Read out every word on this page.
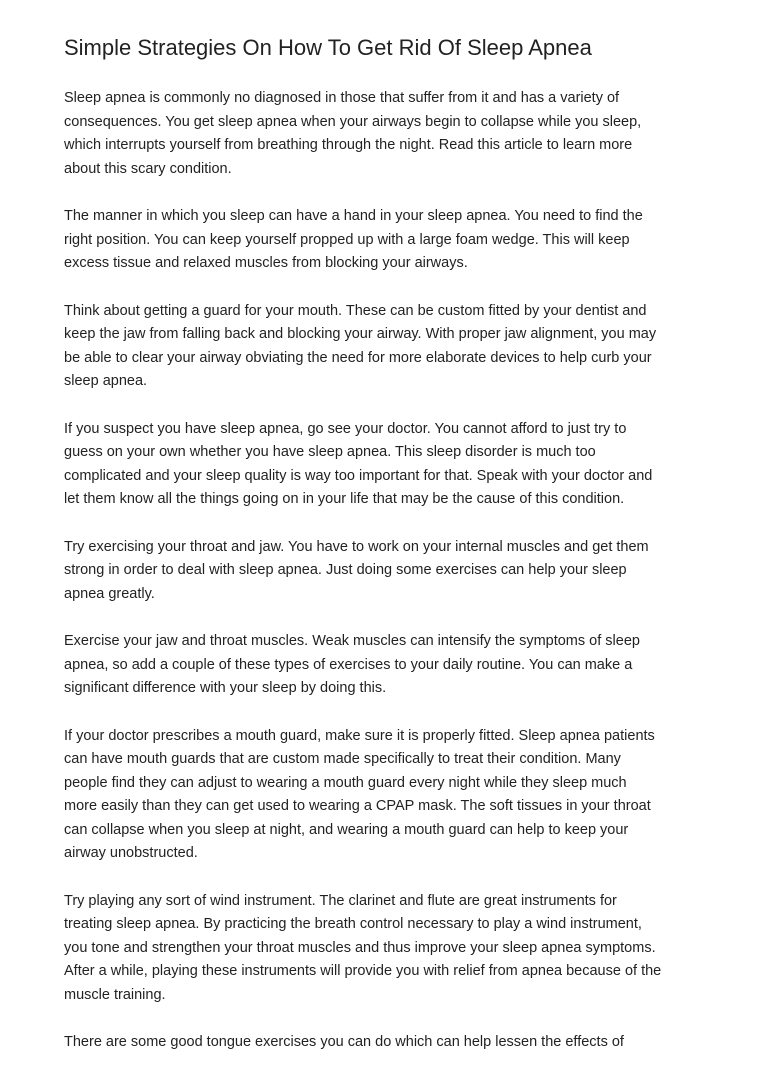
Simple Strategies On How To Get Rid Of Sleep Apnea

Sleep apnea is commonly no diagnosed in those that suffer from it and has a variety of
consequences. You get sleep apnea when your airways begin to collapse while you sleep,
which interrupts yourself from breathing through the night. Read this article to learn more
about this scary condition.

The manner in which you sleep can have a hand in your sleep apnea. You need to find the
right position. You can keep yourself propped up with a large foam wedge. This will keep
excess tissue and relaxed muscles from blocking your airways.

Think about getting a guard for your mouth. These can be custom fitted by your dentist and
keep the jaw from falling back and blocking your airway. With proper jaw alignment, you may
be able to clear your airway obviating the need for more elaborate devices to help curb your
sleep apnea.

If you suspect you have sleep apnea, go see your doctor. You cannot afford to just try to
guess on your own whether you have sleep apnea. This sleep disorder is much too
complicated and your sleep quality is way too important for that. Speak with your doctor and
let them know all the things going on in your life that may be the cause of this condition.

Try exercising your throat and jaw. You have to work on your internal muscles and get them
strong in order to deal with sleep apnea. Just doing some exercises can help your sleep
apnea greatly.

Exercise your jaw and throat muscles. Weak muscles can intensify the symptoms of sleep
apnea, so add a couple of these types of exercises to your daily routine. You can make a
significant difference with your sleep by doing this.

If your doctor prescribes a mouth guard, make sure it is properly fitted. Sleep apnea patients
can have mouth guards that are custom made specifically to treat their condition. Many
people find they can adjust to wearing a mouth guard every night while they sleep much
more easily than they can get used to wearing a CPAP mask. The soft tissues in your throat
can collapse when you sleep at night, and wearing a mouth guard can help to keep your
airway unobstructed.

Try playing any sort of wind instrument. The clarinet and flute are great instruments for
treating sleep apnea. By practicing the breath control necessary to play a wind instrument,
you tone and strengthen your throat muscles and thus improve your sleep apnea symptoms.
After a while, playing these instruments will provide you with relief from apnea because of the
muscle training.

There are some good tongue exercises you can do which can help lessen the effects of
